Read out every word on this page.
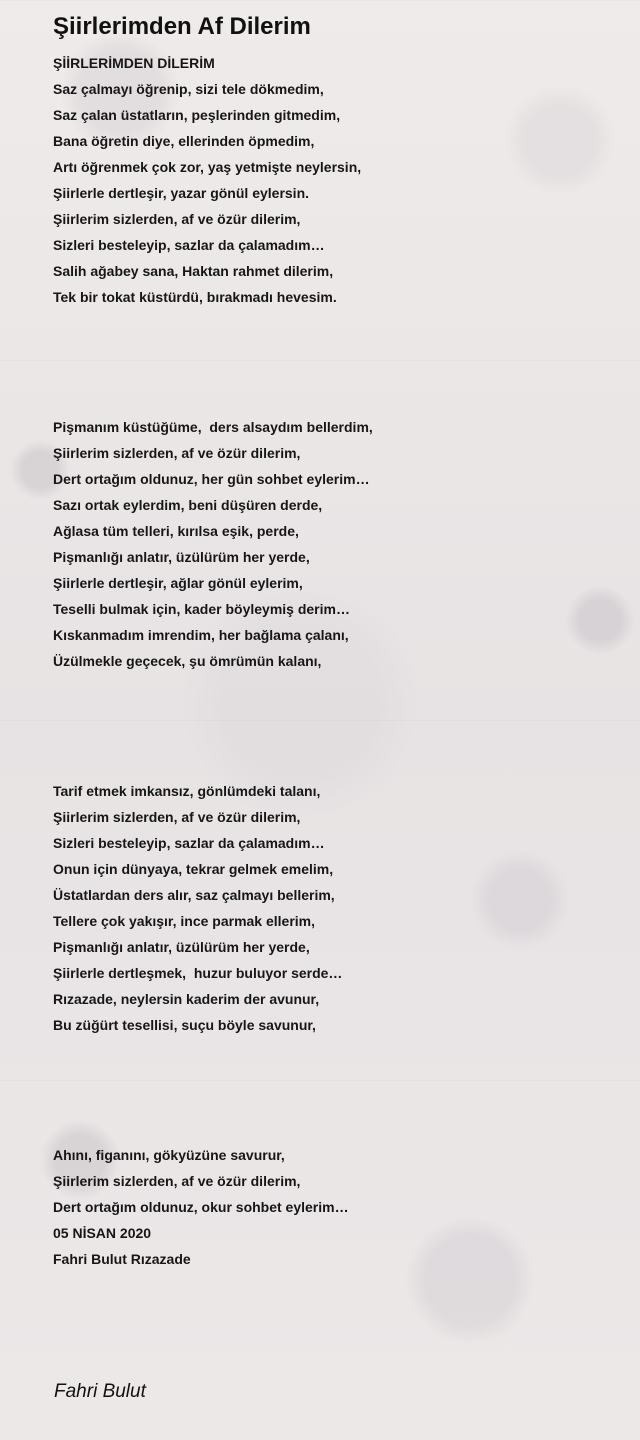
Şiirlerimden Af Dilerim
ŞİİRLERİMDEN DİLERİM
Saz çalmayı öğrenip, sizi tele dökmedim,
Saz çalan üstatların, peşlerinden gitmedim,
Bana öğretin diye, ellerinden öpmedim,
Artı öğrenmek çok zor, yaş yetmişte neylersin,
Şiirlerle dertleşir, yazar gönül eylersin.
Şiirlerim sizlerden, af ve özür dilerim,
Sizleri besteleyip, sazlar da çalamadım…
Salih ağabey sana, Haktan rahmet dilerim,
Tek bir tokat küstürdü, bırakmadı hevesim.
Pişmanım küstüğüme,  ders alsaydım bellerdim,
Şiirlerim sizlerden, af ve özür dilerim,
Dert ortağım oldunuz, her gün sohbet eylerim…
Sazı ortak eylerdim, beni düşüren derde,
Ağlasa tüm telleri, kırılsa eşik, perde,
Pişmanlığı anlatır, üzülürüm her yerde,
Şiirlerle dertleşir, ağlar gönül eylerim,
Teselli bulmak için, kader böyleymiş derim…
Kıskanmadım imrendim, her bağlama çalanı,
Üzülmekle geçecek, şu ömrümün kalanı,
Tarif etmek imkansız, gönlümdeki talanı,
Şiirlerim sizlerden, af ve özür dilerim,
Sizleri besteleyip, sazlar da çalamadım…
Onun için dünyaya, tekrar gelmek emelim,
Üstatlardan ders alır, saz çalmayı bellerim,
Tellere çok yakışır, ince parmak ellerim,
Pişmanlığı anlatır, üzülürüm her yerde,
Şiirlerle dertleşmek,  huzur buluyor serde…
Rızazade, neylersin kaderim der avunur,
Bu züğürt tesellisi, suçu böyle savunur,
Ahını, figanını, gökyüzüne savurur,
Şiirlerim sizlerden, af ve özür dilerim,
Dert ortağım oldunuz, okur sohbet eylerim…
05 NİSAN 2020
Fahri Bulut Rızazade
Fahri Bulut
